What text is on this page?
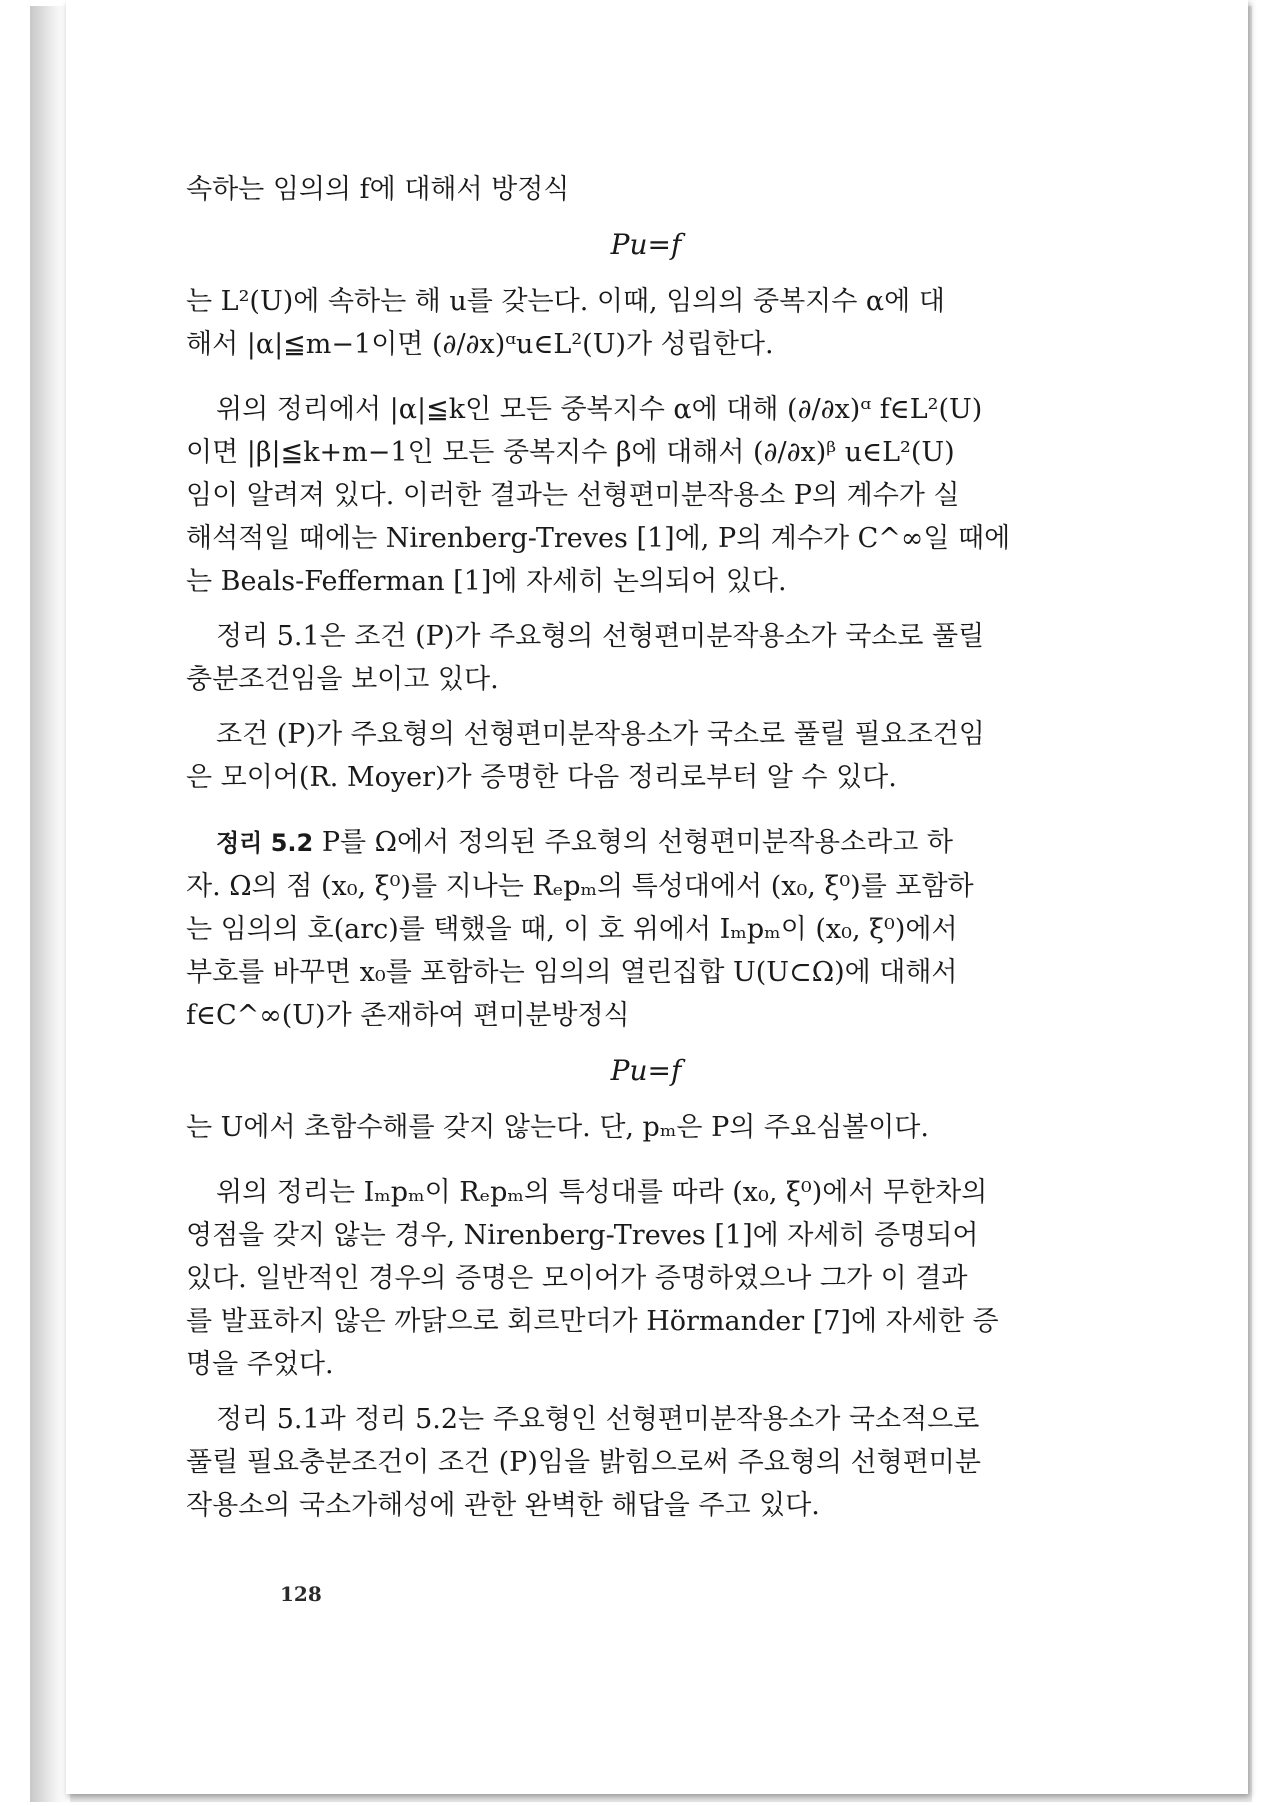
속하는 임의의 f에 대해서 방정식

Pu=f

는 L²(U)에 속하는 해 u를 갖는다. 이때, 임의의 중복지수 α에 대

해서 |α|≦m−1이면 (∂/∂x)ᵅu∈L²(U)가 성립한다.

위의 정리에서 |α|≦k인 모든 중복지수 α에 대해 (∂/∂x)ᵅ f∈L²(U)

이면 |β|≦k+m−1인 모든 중복지수 β에 대해서 (∂/∂x)ᵝ u∈L²(U)

임이 알려져 있다. 이러한 결과는 선형편미분작용소 P의 계수가 실

해석적일 때에는 Nirenberg-Treves [1]에, P의 계수가 C^∞일 때에

는 Beals-Fefferman [1]에 자세히 논의되어 있다.

정리 5.1은 조건 (P)가 주요형의 선형편미분작용소가 국소로 풀릴

충분조건임을 보이고 있다.

조건 (P)가 주요형의 선형편미분작용소가 국소로 풀릴 필요조건임

은 모이어(R. Moyer)가 증명한 다음 정리로부터 알 수 있다.

정리 5.2 P를 Ω에서 정의된 주요형의 선형편미분작용소라고 하

자. Ω의 점 (x₀, ξ⁰)를 지나는 Rₑpₘ의 특성대에서 (x₀, ξ⁰)를 포함하

는 임의의 호(arc)를 택했을 때, 이 호 위에서 Iₘpₘ이 (x₀, ξ⁰)에서

부호를 바꾸면 x₀를 포함하는 임의의 열린집합 U(U⊂Ω)에 대해서

f∈C^∞(U)가 존재하여 편미분방정식

Pu=f

는 U에서 초함수해를 갖지 않는다. 단, pₘ은 P의 주요심볼이다.

위의 정리는 Iₘpₘ이 Rₑpₘ의 특성대를 따라 (x₀, ξ⁰)에서 무한차의

영점을 갖지 않는 경우, Nirenberg-Treves [1]에 자세히 증명되어

있다. 일반적인 경우의 증명은 모이어가 증명하였으나 그가 이 결과

를 발표하지 않은 까닭으로 회르만더가 Hörmander [7]에 자세한 증

명을 주었다.

정리 5.1과 정리 5.2는 주요형인 선형편미분작용소가 국소적으로

풀릴 필요충분조건이 조건 (P)임을 밝힘으로써 주요형의 선형편미분

작용소의 국소가해성에 관한 완벽한 해답을 주고 있다.

128
